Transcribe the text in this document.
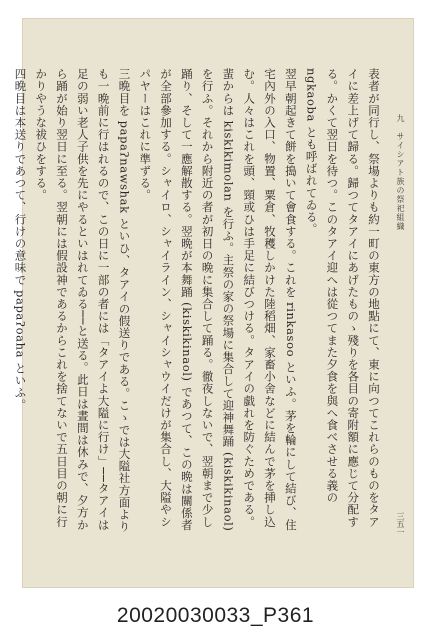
九　サイシアト族の祭祀組織

表者が同行し、祭場よりも約一町の東方の地點にて、東に向つてこれらのものをタアイに差上げて歸る。歸つてタアイにあげたものゝ殘りを各目の寄附額に應じて分配する。かくて翌日を待つ。このタアイ迎へは從つてまた夕食を與へ食べさせる義の ngkaoba とも呼ばれてゐる。

翌早朝起きて餅を搗いて會食する。これを rinkasoo といふ。茅を輪にして結び、住宅內外の入口、物置、粟倉、牧穫しかけた陸稻畑、家畜小舍などに結んで茅を挿し込む。人々はこれを頭、頸或ひは手足に結びつける。タアイの戯れを防ぐためである。蜚からは kiskikimolan を行ふ。主祭の家の祭場に集合して迎神舞踊 (kiskikinaol) を行ふ。それから附近の者が初日の晩に集合して踊る。徹夜しないで、翌朝まで少し踊り、そして一應解散する。翌晩が本舞踊 (kiskikinaol) であつて、この晩は關係者が全部參加する。シャイロ、シャイライン、シャイシャウイだけが集合し、大隘やシパヤーはこれに準ずる。

三晩目を papaʔnawshak といひ、タアイの假送りである。こゝでは大隘社方面よりも一晩前に行はれるので、この日に一部の者には「タアイよ大隘に行け」──タアイは足の弱い老人子供を先にやるといはれてゐる──と送る。此日は晝間は休みで、夕方から踊が始り翌日に至る。翌朝には假設神であるからこれを捨てないで五日目の朝に行かりやうな祓ひをする。

四晩目は本送りであつて、行けの意味で papaʔoaha といふ。

三五一
20020030033_P361
